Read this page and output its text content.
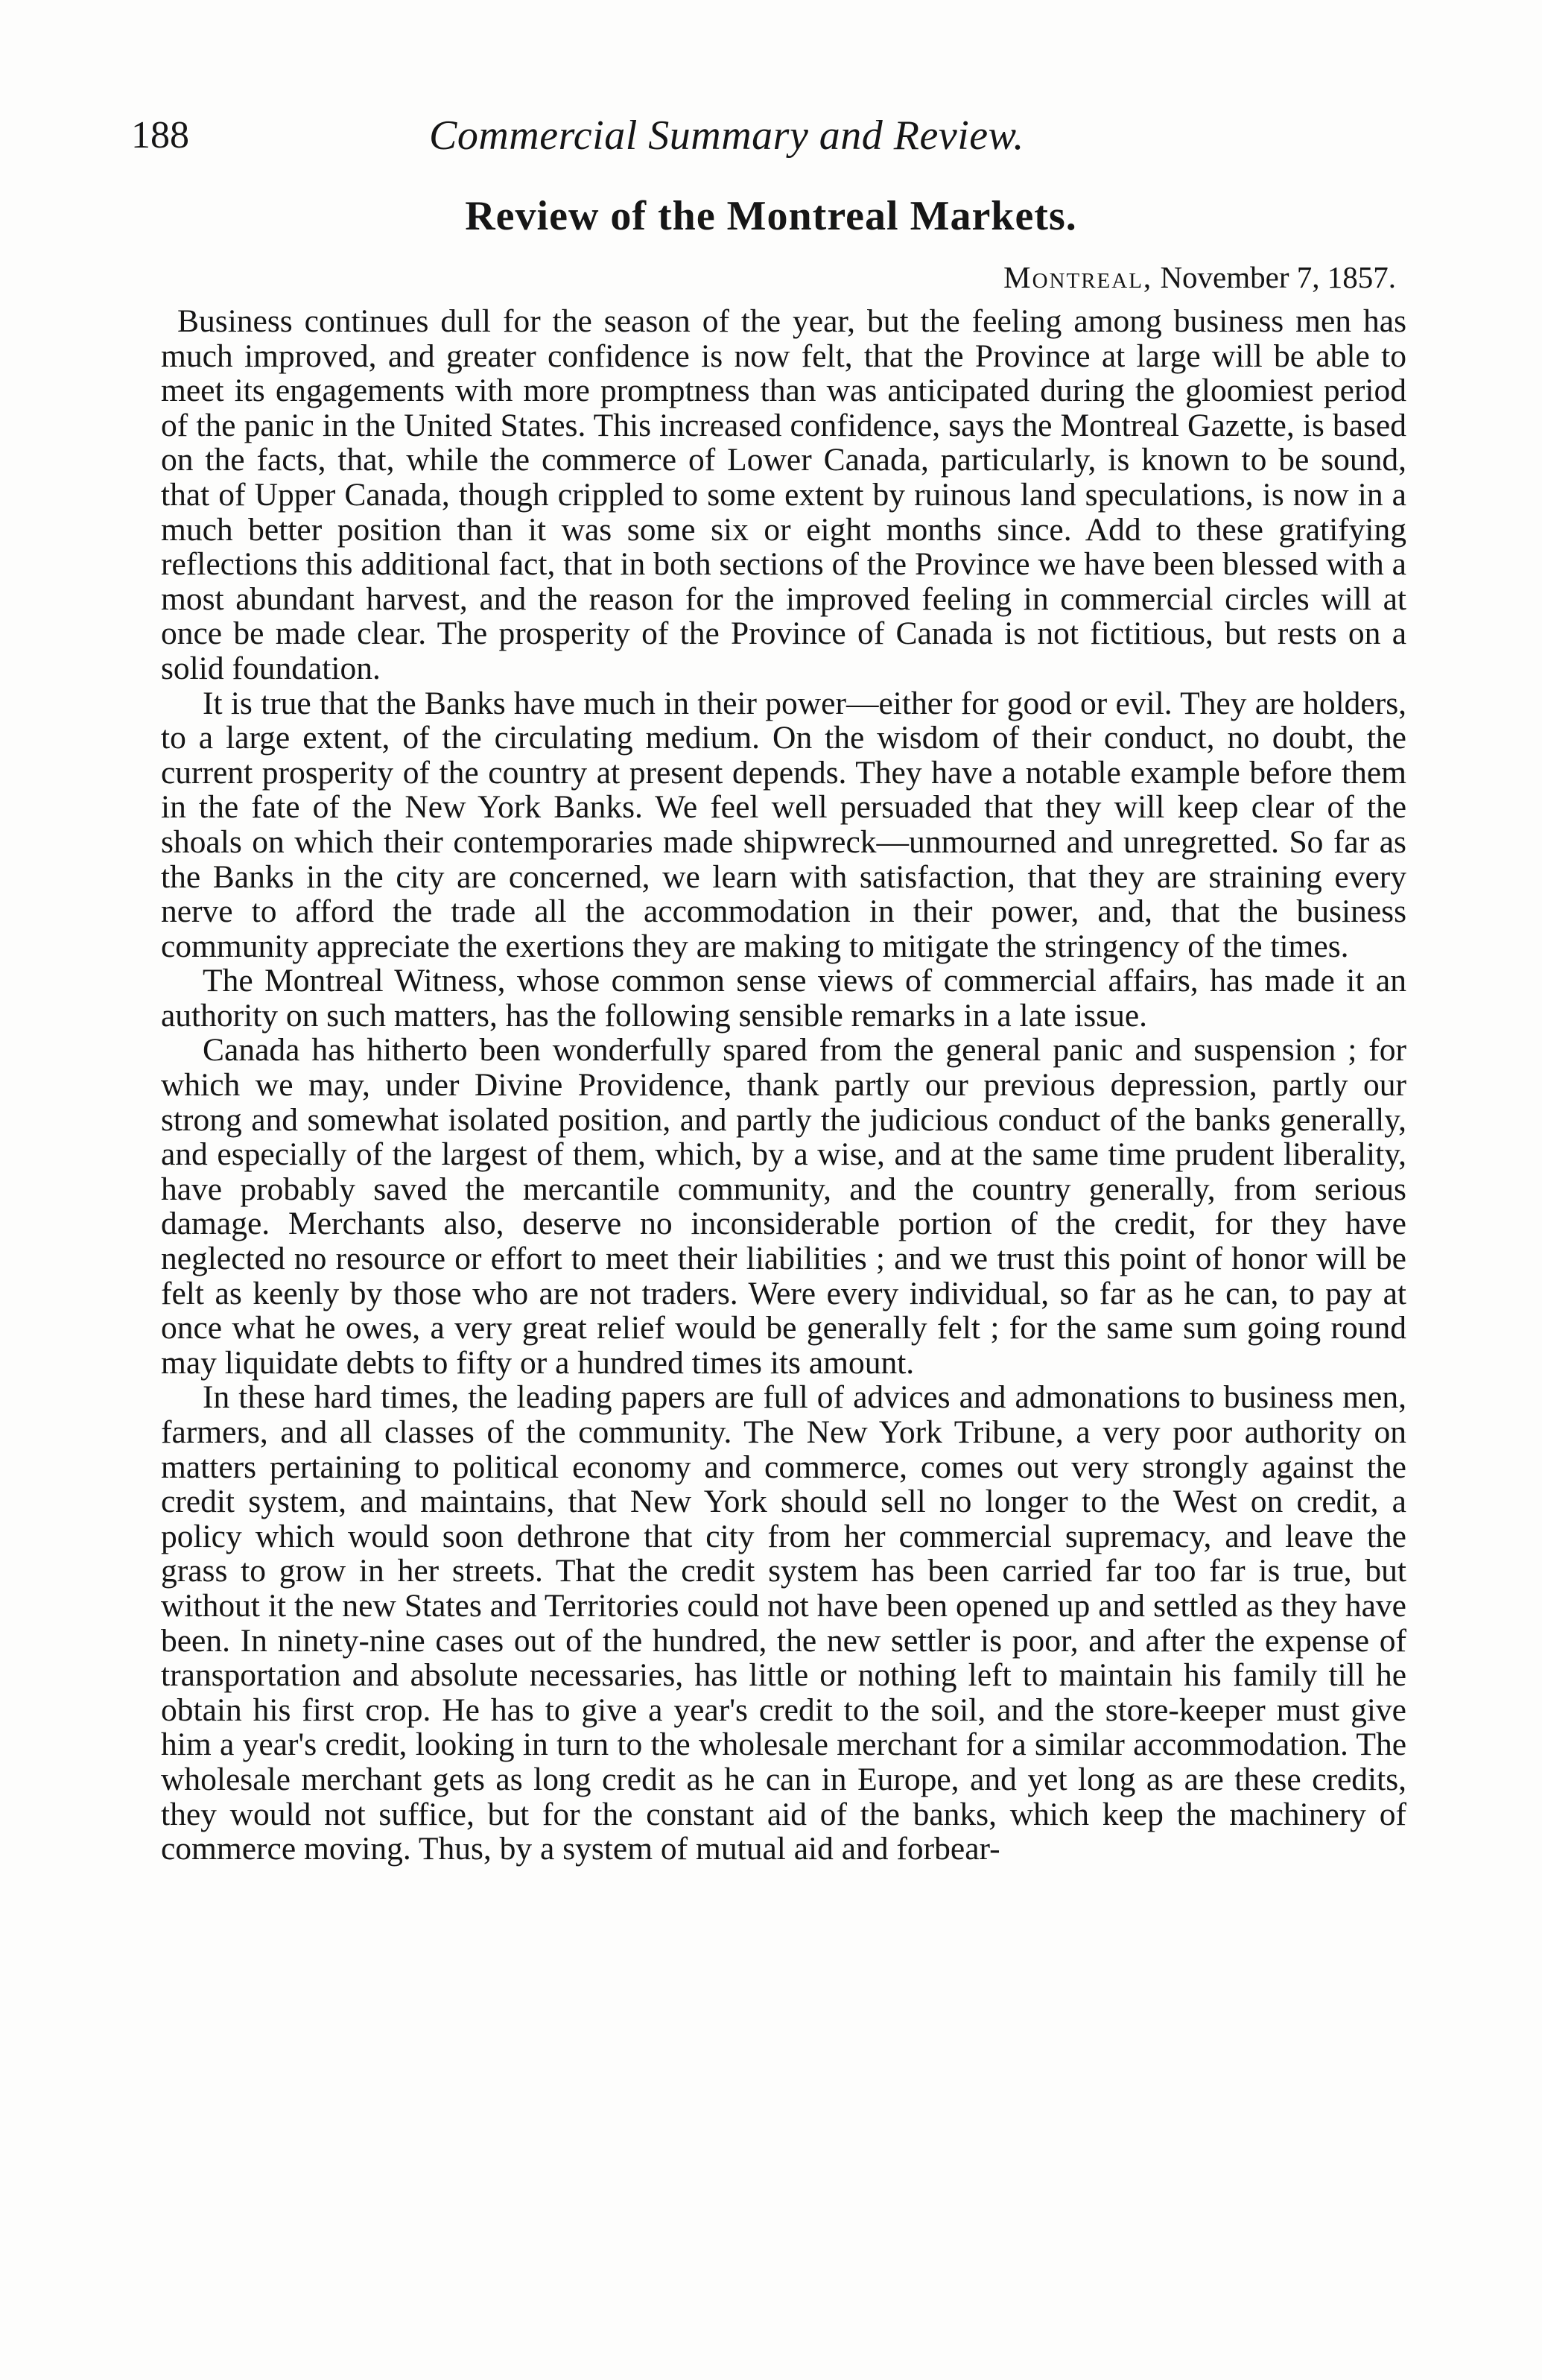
188	Commercial Summary and Review.
Review of the Montreal Markets.
Montreal, November 7, 1857.

Business continues dull for the season of the year, but the feeling among business men has much improved, and greater confidence is now felt, that the Province at large will be able to meet its engagements with more promptness than was anticipated during the gloomiest period of the panic in the United States. This increased confidence, says the Montreal Gazette, is based on the facts, that, while the commerce of Lower Canada, particularly, is known to be sound, that of Upper Canada, though crippled to some extent by ruinous land speculations, is now in a much better position than it was some six or eight months since. Add to these gratifying reflections this additional fact, that in both sections of the Province we have been blessed with a most abundant harvest, and the reason for the improved feeling in commercial circles will at once be made clear. The prosperity of the Province of Canada is not fictitious, but rests on a solid foundation.

It is true that the Banks have much in their power—either for good or evil. They are holders, to a large extent, of the circulating medium. On the wisdom of their conduct, no doubt, the current prosperity of the country at present depends. They have a notable example before them in the fate of the New York Banks. We feel well persuaded that they will keep clear of the shoals on which their contemporaries made shipwreck—unmourned and unregretted. So far as the Banks in the city are concerned, we learn with satisfaction, that they are straining every nerve to afford the trade all the accommodation in their power, and, that the business community appreciate the exertions they are making to mitigate the stringency of the times.

The Montreal Witness, whose common sense views of commercial affairs, has made it an authority on such matters, has the following sensible remarks in a late issue.

Canada has hitherto been wonderfully spared from the general panic and suspension ; for which we may, under Divine Providence, thank partly our previous depression, partly our strong and somewhat isolated position, and partly the judicious conduct of the banks generally, and especially of the largest of them, which, by a wise, and at the same time prudent liberality, have probably saved the mercantile community, and the country generally, from serious damage. Merchants also, deserve no inconsiderable portion of the credit, for they have neglected no resource or effort to meet their liabilities ; and we trust this point of honor will be felt as keenly by those who are not traders. Were every individual, so far as he can, to pay at once what he owes, a very great relief would be generally felt ; for the same sum going round may liquidate debts to fifty or a hundred times its amount.

In these hard times, the leading papers are full of advices and admonations to business men, farmers, and all classes of the community. The New York Tribune, a very poor authority on matters pertaining to political economy and commerce, comes out very strongly against the credit system, and maintains, that New York should sell no longer to the West on credit, a policy which would soon dethrone that city from her commercial supremacy, and leave the grass to grow in her streets. That the credit system has been carried far too far is true, but without it the new States and Territories could not have been opened up and settled as they have been. In ninety-nine cases out of the hundred, the new settler is poor, and after the expense of transportation and absolute necessaries, has little or nothing left to maintain his family till he obtain his first crop. He has to give a year's credit to the soil, and the store-keeper must give him a year's credit, looking in turn to the wholesale merchant for a similar accommodation. The wholesale merchant gets as long credit as he can in Europe, and yet long as are these credits, they would not suffice, but for the constant aid of the banks, which keep the machinery of commerce moving. Thus, by a system of mutual aid and forbear-
